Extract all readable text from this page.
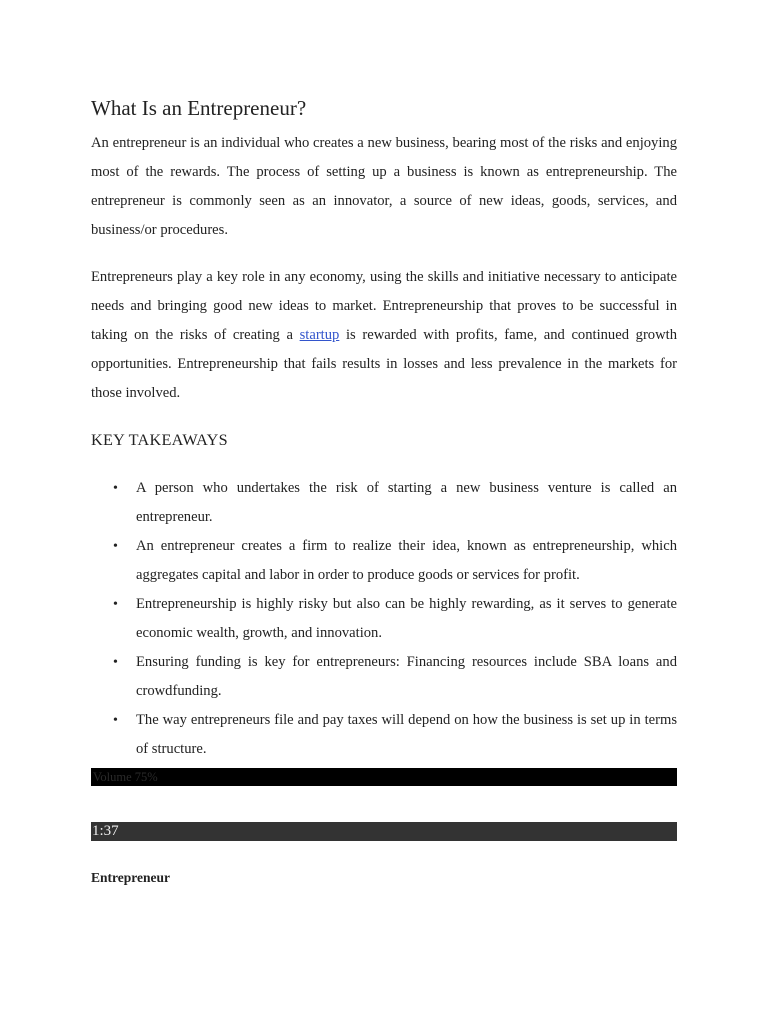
What Is an Entrepreneur?

An entrepreneur is an individual who creates a new business, bearing most of the risks and enjoying most of the rewards. The process of setting up a business is known as entrepreneurship. The entrepreneur is commonly seen as an innovator, a source of new ideas, goods, services, and business/or procedures.

Entrepreneurs play a key role in any economy, using the skills and initiative necessary to anticipate needs and bringing good new ideas to market. Entrepreneurship that proves to be successful in taking on the risks of creating a startup is rewarded with profits, fame, and continued growth opportunities. Entrepreneurship that fails results in losses and less prevalence in the markets for those involved.

KEY TAKEAWAYS
• A person who undertakes the risk of starting a new business venture is called an entrepreneur.
• An entrepreneur creates a firm to realize their idea, known as entrepreneurship, which aggregates capital and labor in order to produce goods or services for profit.
• Entrepreneurship is highly risky but also can be highly rewarding, as it serves to generate economic wealth, growth, and innovation.
• Ensuring funding is key for entrepreneurs: Financing resources include SBA loans and crowdfunding.
• The way entrepreneurs file and pay taxes will depend on how the business is set up in terms of structure.
Volume 75%
1:37

Entrepreneur
